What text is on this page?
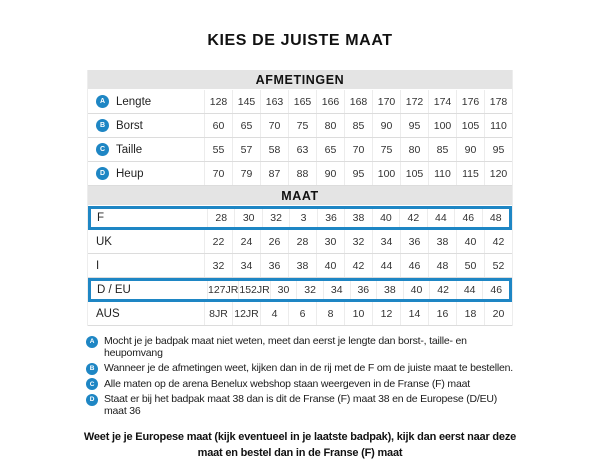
KIES DE JUISTE MAAT
AFMETINGEN
A Lengte	128 145 163 165 166 168 170 172 174 176 178
B Borst	60	65	70	75	80	85	90	95	100 105	110
C Taille	55	57	58	63	65	70	75	80	85	90	95
D Heup	70	79	87	88	90	95	100 105	110	115	120
MAAT
F	28	30	32	3	36	38	40	42	44	46	48
UK	22	24	26	28	30	32	34	36	38	40	42
I	32	34	36	38	40	42	44	46	48	50	52
D / EU	127JR 152JR 30	32	34	36	38	40	42	44	46
AUS	8JR 12JR	4	6	8	10	12	14	16	18	20
A Mocht je je badpak maat niet weten, meet dan eerst je lengte dan borst-, taille- en heupomvang
B Wanneer je de afmetingen weet, kijken dan in de rij met de F om de juiste maat te bestellen.
C Alle maten op de arena Benelux webshop staan weergeven in de Franse (F) maat
D Staat er bij het badpak maat 38 dan is dit de Franse (F) maat 38 en de Europese (D/EU) maat 36

Weet je je Europese maat (kijk eventueel in je laatste badpak), kijk dan eerst naar deze maat en bestel dan in de Franse (F) maat
